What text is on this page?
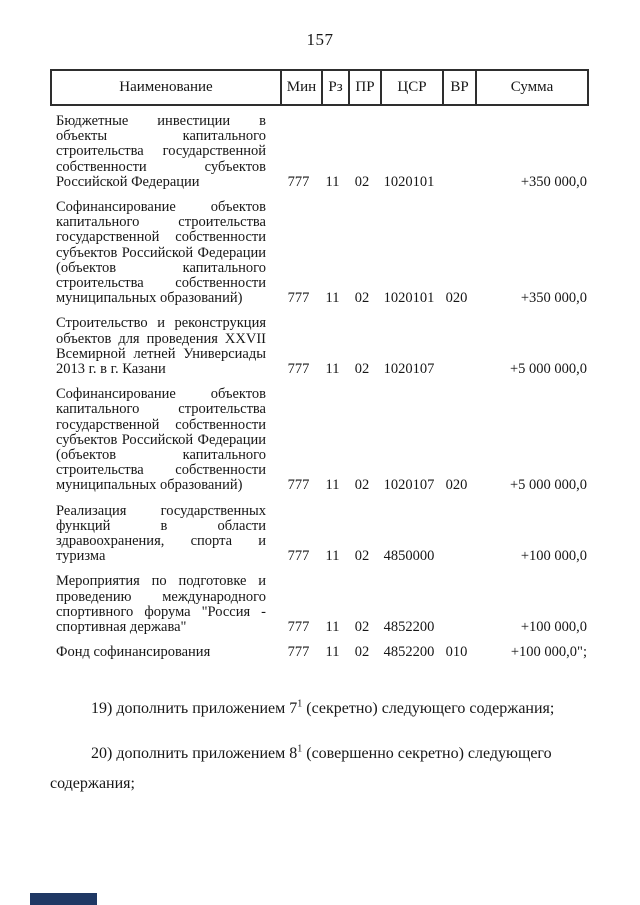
157
Наименование	Мин Рз ПР	ЦСР	ВР	Сумма
Бюджетные инвестиции в объекты капитального строительства государственной собственности субъектов Российской Федерации	777	11	02 1020101	+350 000,0
Софинансирование объектов капитального строительства государственной собственности субъектов Российской Федерации (объектов капитального строительства собственности муниципальных образований)	777	11	02 1020101 020	+350 000,0
Строительство и реконструкция объектов для проведения XXVII Всемирной летней Универсиады 2013 г. в г. Казани	777	11	02 1020107	+5 000 000,0
Софинансирование объектов капитального строительства государственной собственности субъектов Российской Федерации (объектов капитального строительства собственности муниципальных образований)	777	11	02 1020107 020	+5 000 000,0
Реализация государственных функций в области здравоохранения, спорта и туризма	777	11	02 4850000	+100 000,0
Мероприятия по подготовке и проведению международного спортивного форума "Россия - спортивная держава"	777	11	02 4852200	+100 000,0
Фонд софинансирования	777	11	02 4852200 010	+100 000,0";

19) дополнить приложением $7^1$ (секретно) следующего содержания;

20) дополнить приложением $8^1$ (совершенно секретно) следующего содержания;
